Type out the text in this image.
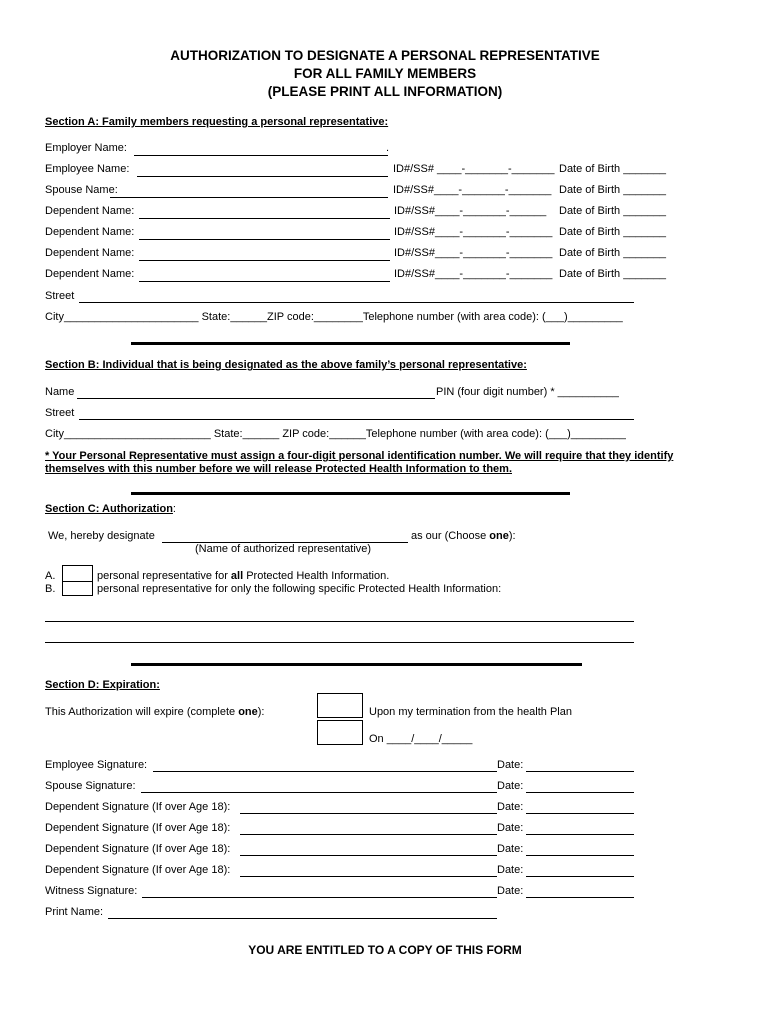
AUTHORIZATION TO DESIGNATE A PERSONAL REPRESENTATIVE
FOR ALL FAMILY MEMBERS
(PLEASE PRINT ALL INFORMATION)
Section A: Family members requesting a personal representative:
Employer Name:	.
Employee Name:	ID#/SS# ____-_______-_______ Date of Birth _______
Spouse Name:	ID#/SS#____-_______-_______ Date of Birth _______
Dependent Name:	ID#/SS#____-_______-______ Date of Birth _______
Dependent Name:	ID#/SS#____-_______-_______ Date of Birth _______
Dependent Name:	ID#/SS#____-_______-_______ Date of Birth _______
Dependent Name:	ID#/SS#____-_______-_______ Date of Birth _______
Street
City______________________ State:______ZIP code:________Telephone number (with area code): (___)_________
Section B: Individual that is being designated as the above family’s personal representative:
Name	PIN (four digit number) * __________
Street
City________________________ State:______ ZIP code:______Telephone number (with area code): (___)_________
* Your Personal Representative must assign a four-digit personal identification number. We will require that they identify
themselves with this number before we will release Protected Health Information to them.
Section C: Authorization:
We, hereby designate	as our (Choose one):
(Name of authorized representative)
A.	personal representative for all Protected Health Information.
B.	personal representative for only the following specific Protected Health Information:
Section D: Expiration:
This Authorization will expire (complete one):	Upon my termination from the health Plan
On ____/____/_____
Employee Signature:	Date:
Spouse Signature:	Date:
Dependent Signature (If over Age 18):	Date:
Dependent Signature (If over Age 18):	Date:
Dependent Signature (If over Age 18):	Date:
Dependent Signature (If over Age 18):	Date:
Witness Signature:	Date:
Print Name:
YOU ARE ENTITLED TO A COPY OF THIS FORM
